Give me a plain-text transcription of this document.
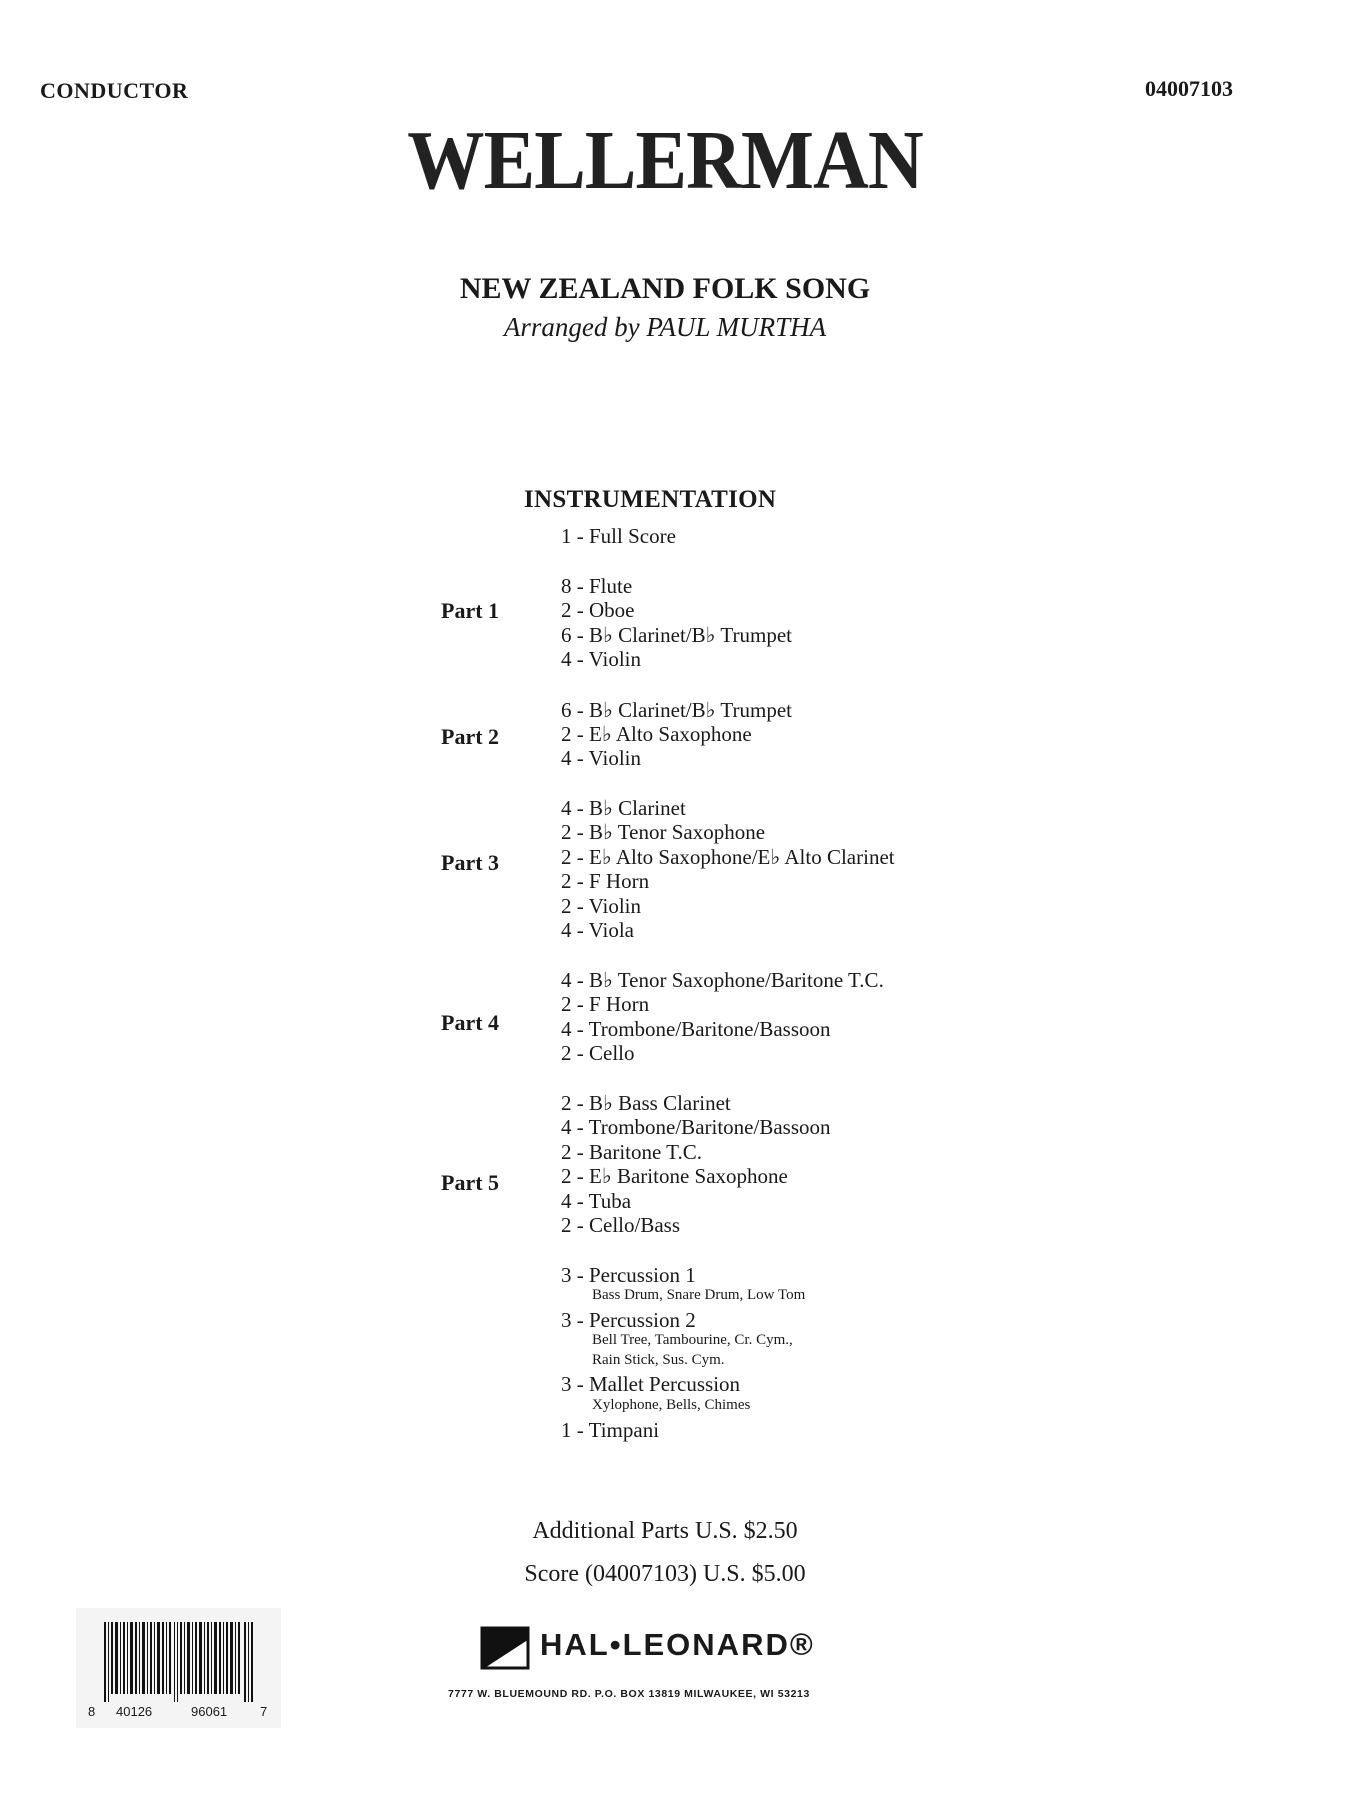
CONDUCTOR	04007103
WELLERMAN
NEW ZEALAND FOLK SONG
Arranged by PAUL MURTHA
INSTRUMENTATION
1 - Full Score
Part 1
8 - Flute
2 - Oboe
6 - B♭ Clarinet/B♭ Trumpet
4 - Violin
Part 2
6 - B♭ Clarinet/B♭ Trumpet
2 - E♭ Alto Saxophone
4 - Violin
Part 3
4 - B♭ Clarinet
2 - B♭ Tenor Saxophone
2 - E♭ Alto Saxophone/E♭ Alto Clarinet
2 - F Horn
2 - Violin
4 - Viola
Part 4
4 - B♭ Tenor Saxophone/Baritone T.C.
2 - F Horn
4 - Trombone/Baritone/Bassoon
2 - Cello
Part 5
2 - B♭ Bass Clarinet
4 - Trombone/Baritone/Bassoon
2 - Baritone T.C.
2 - E♭ Baritone Saxophone
4 - Tuba
2 - Cello/Bass
3 - Percussion 1
Bass Drum, Snare Drum, Low Tom
3 - Percussion 2
Bell Tree, Tambourine, Cr. Cym.,
Rain Stick, Sus. Cym.
3 - Mallet Percussion
Xylophone, Bells, Chimes
1 - Timpani
Additional Parts U.S. $2.50
Score (04007103) U.S. $5.00
8 40126	96061	7
HAL•LEONARD®
7777 W. BLUEMOUND RD. P.O. BOX 13819 MILWAUKEE, WI 53213
